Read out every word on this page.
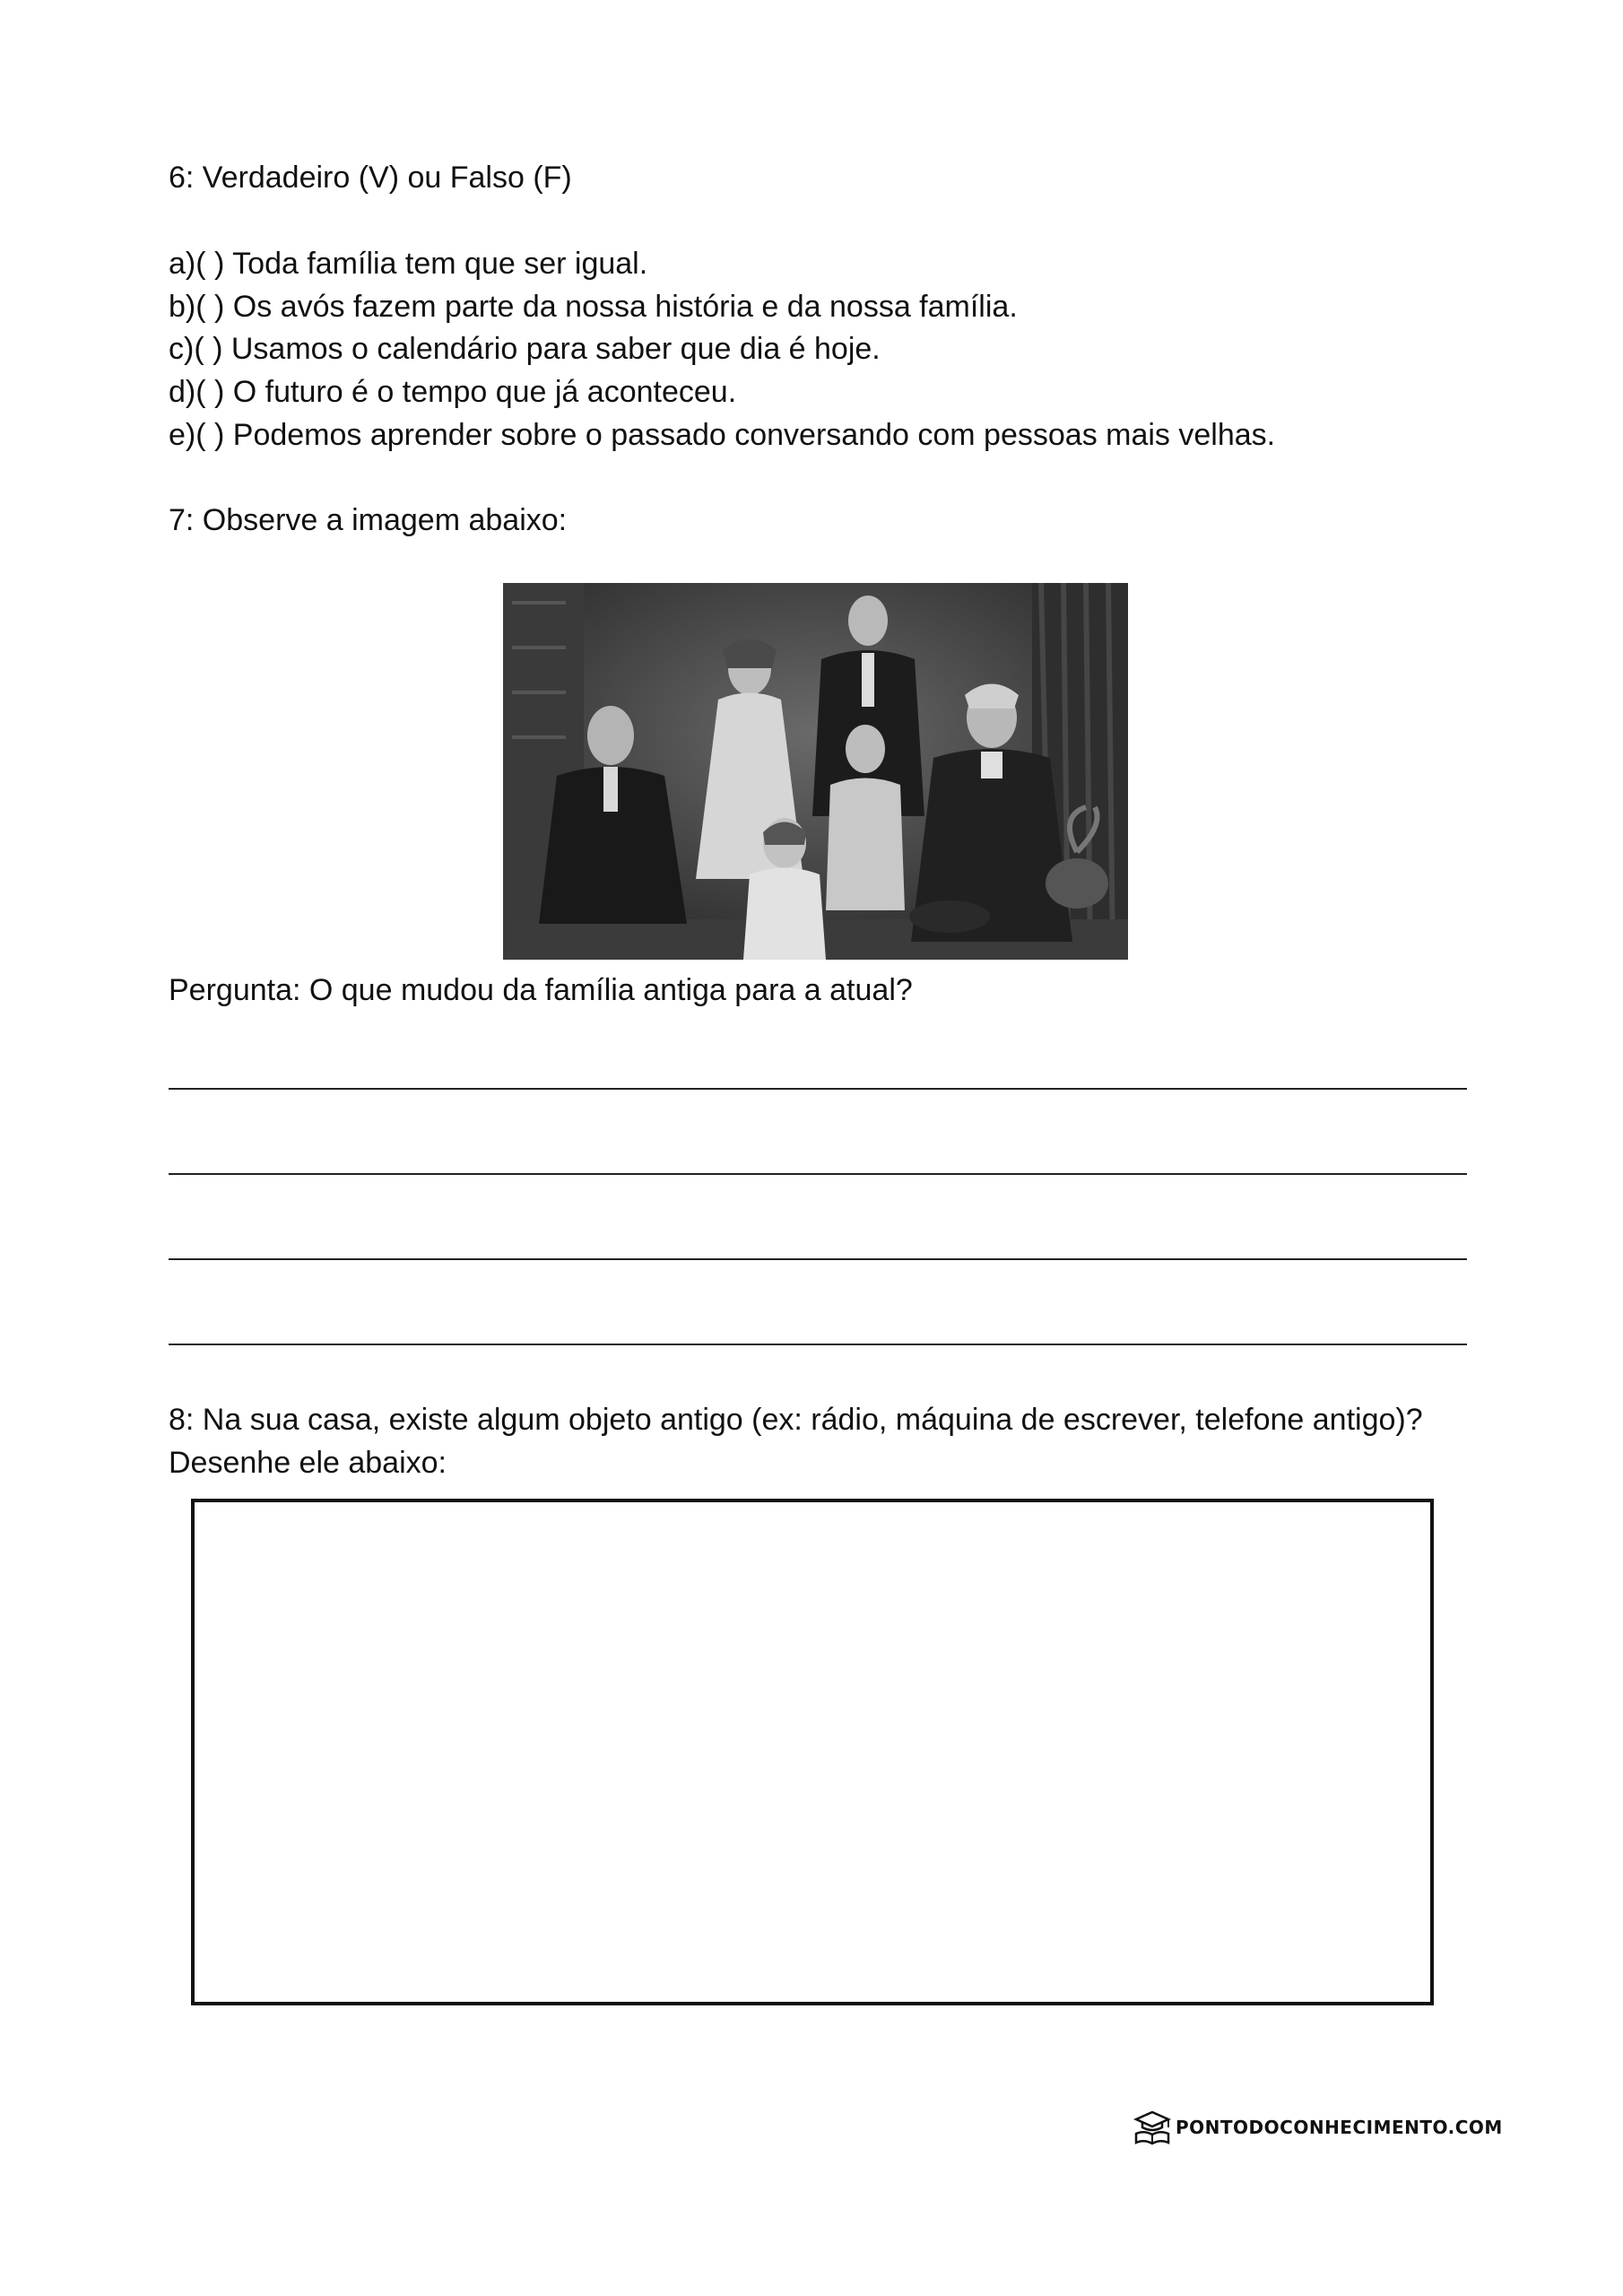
6: Verdadeiro (V) ou Falso (F)
a)( ) Toda família tem que ser igual.
b)( ) Os avós fazem parte da nossa história e da nossa família.
c)( ) Usamos o calendário para saber que dia é hoje.
d)( ) O futuro é o tempo que já aconteceu.
e)( ) Podemos aprender sobre o passado conversando com pessoas mais velhas.
7: Observe a imagem abaixo:
Pergunta: O que mudou da família antiga para a atual?
8: Na sua casa, existe algum objeto antigo (ex: rádio, máquina de escrever, telefone antigo)?
Desenhe ele abaixo:
PONTODOCONHECIMENTO.COM
